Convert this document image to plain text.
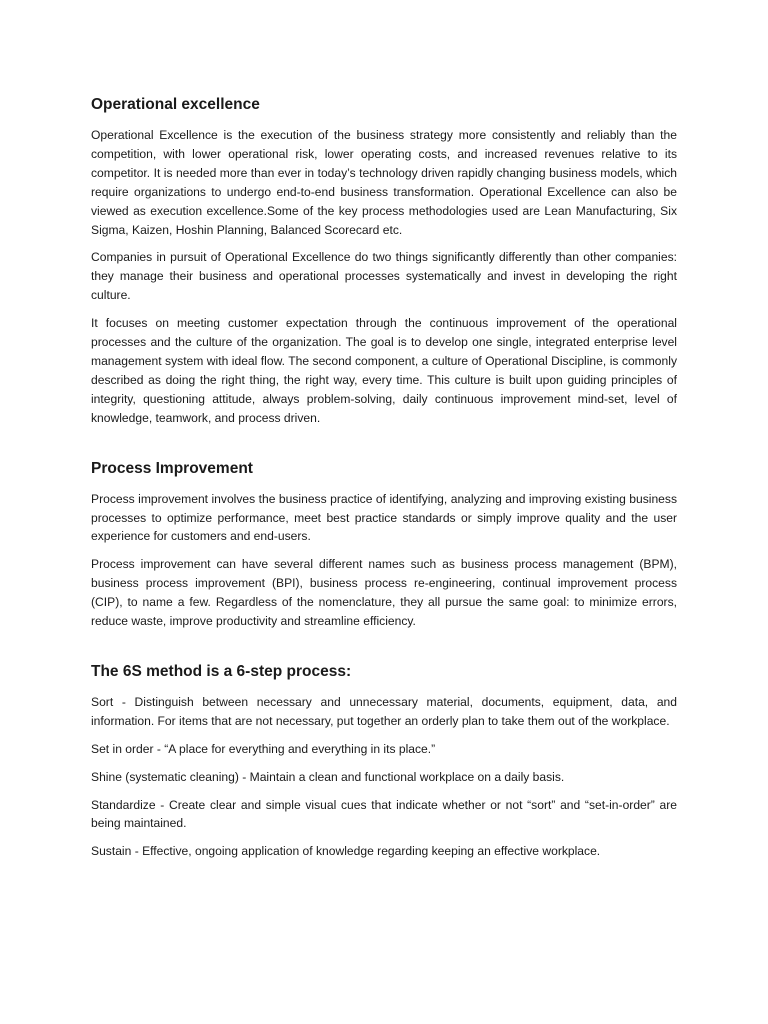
Operational excellence

Operational Excellence is the execution of the business strategy more consistently and reliably than the competition, with lower operational risk, lower operating costs, and increased revenues relative to its competitor. It is needed more than ever in today’s technology driven rapidly changing business models, which require organizations to undergo end-to-end business transformation. Operational Excellence can also be viewed as execution excellence.Some of the key process methodologies used are Lean Manufacturing, Six Sigma, Kaizen, Hoshin Planning, Balanced Scorecard etc.

Companies in pursuit of Operational Excellence do two things significantly differently than other companies: they manage their business and operational processes systematically and invest in developing the right culture.

It focuses on meeting customer expectation through the continuous improvement of the operational processes and the culture of the organization. The goal is to develop one single, integrated enterprise level management system with ideal flow. The second component, a culture of Operational Discipline, is commonly described as doing the right thing, the right way, every time. This culture is built upon guiding principles of integrity, questioning attitude, always problem-solving, daily continuous improvement mind-set, level of knowledge, teamwork, and process driven.

Process Improvement

Process improvement involves the business practice of identifying, analyzing and improving existing business processes to optimize performance, meet best practice standards or simply improve quality and the user experience for customers and end-users.

Process improvement can have several different names such as business process management (BPM), business process improvement (BPI), business process re-engineering, continual improvement process (CIP), to name a few. Regardless of the nomenclature, they all pursue the same goal: to minimize errors, reduce waste, improve productivity and streamline efficiency.

The 6S method is a 6-step process:

Sort - Distinguish between necessary and unnecessary material, documents, equipment, data, and information. For items that are not necessary, put together an orderly plan to take them out of the workplace.

Set in order - “A place for everything and everything in its place.”

Shine (systematic cleaning) - Maintain a clean and functional workplace on a daily basis.

Standardize - Create clear and simple visual cues that indicate whether or not “sort” and “set-in-order” are being maintained.

Sustain - Effective, ongoing application of knowledge regarding keeping an effective workplace.
